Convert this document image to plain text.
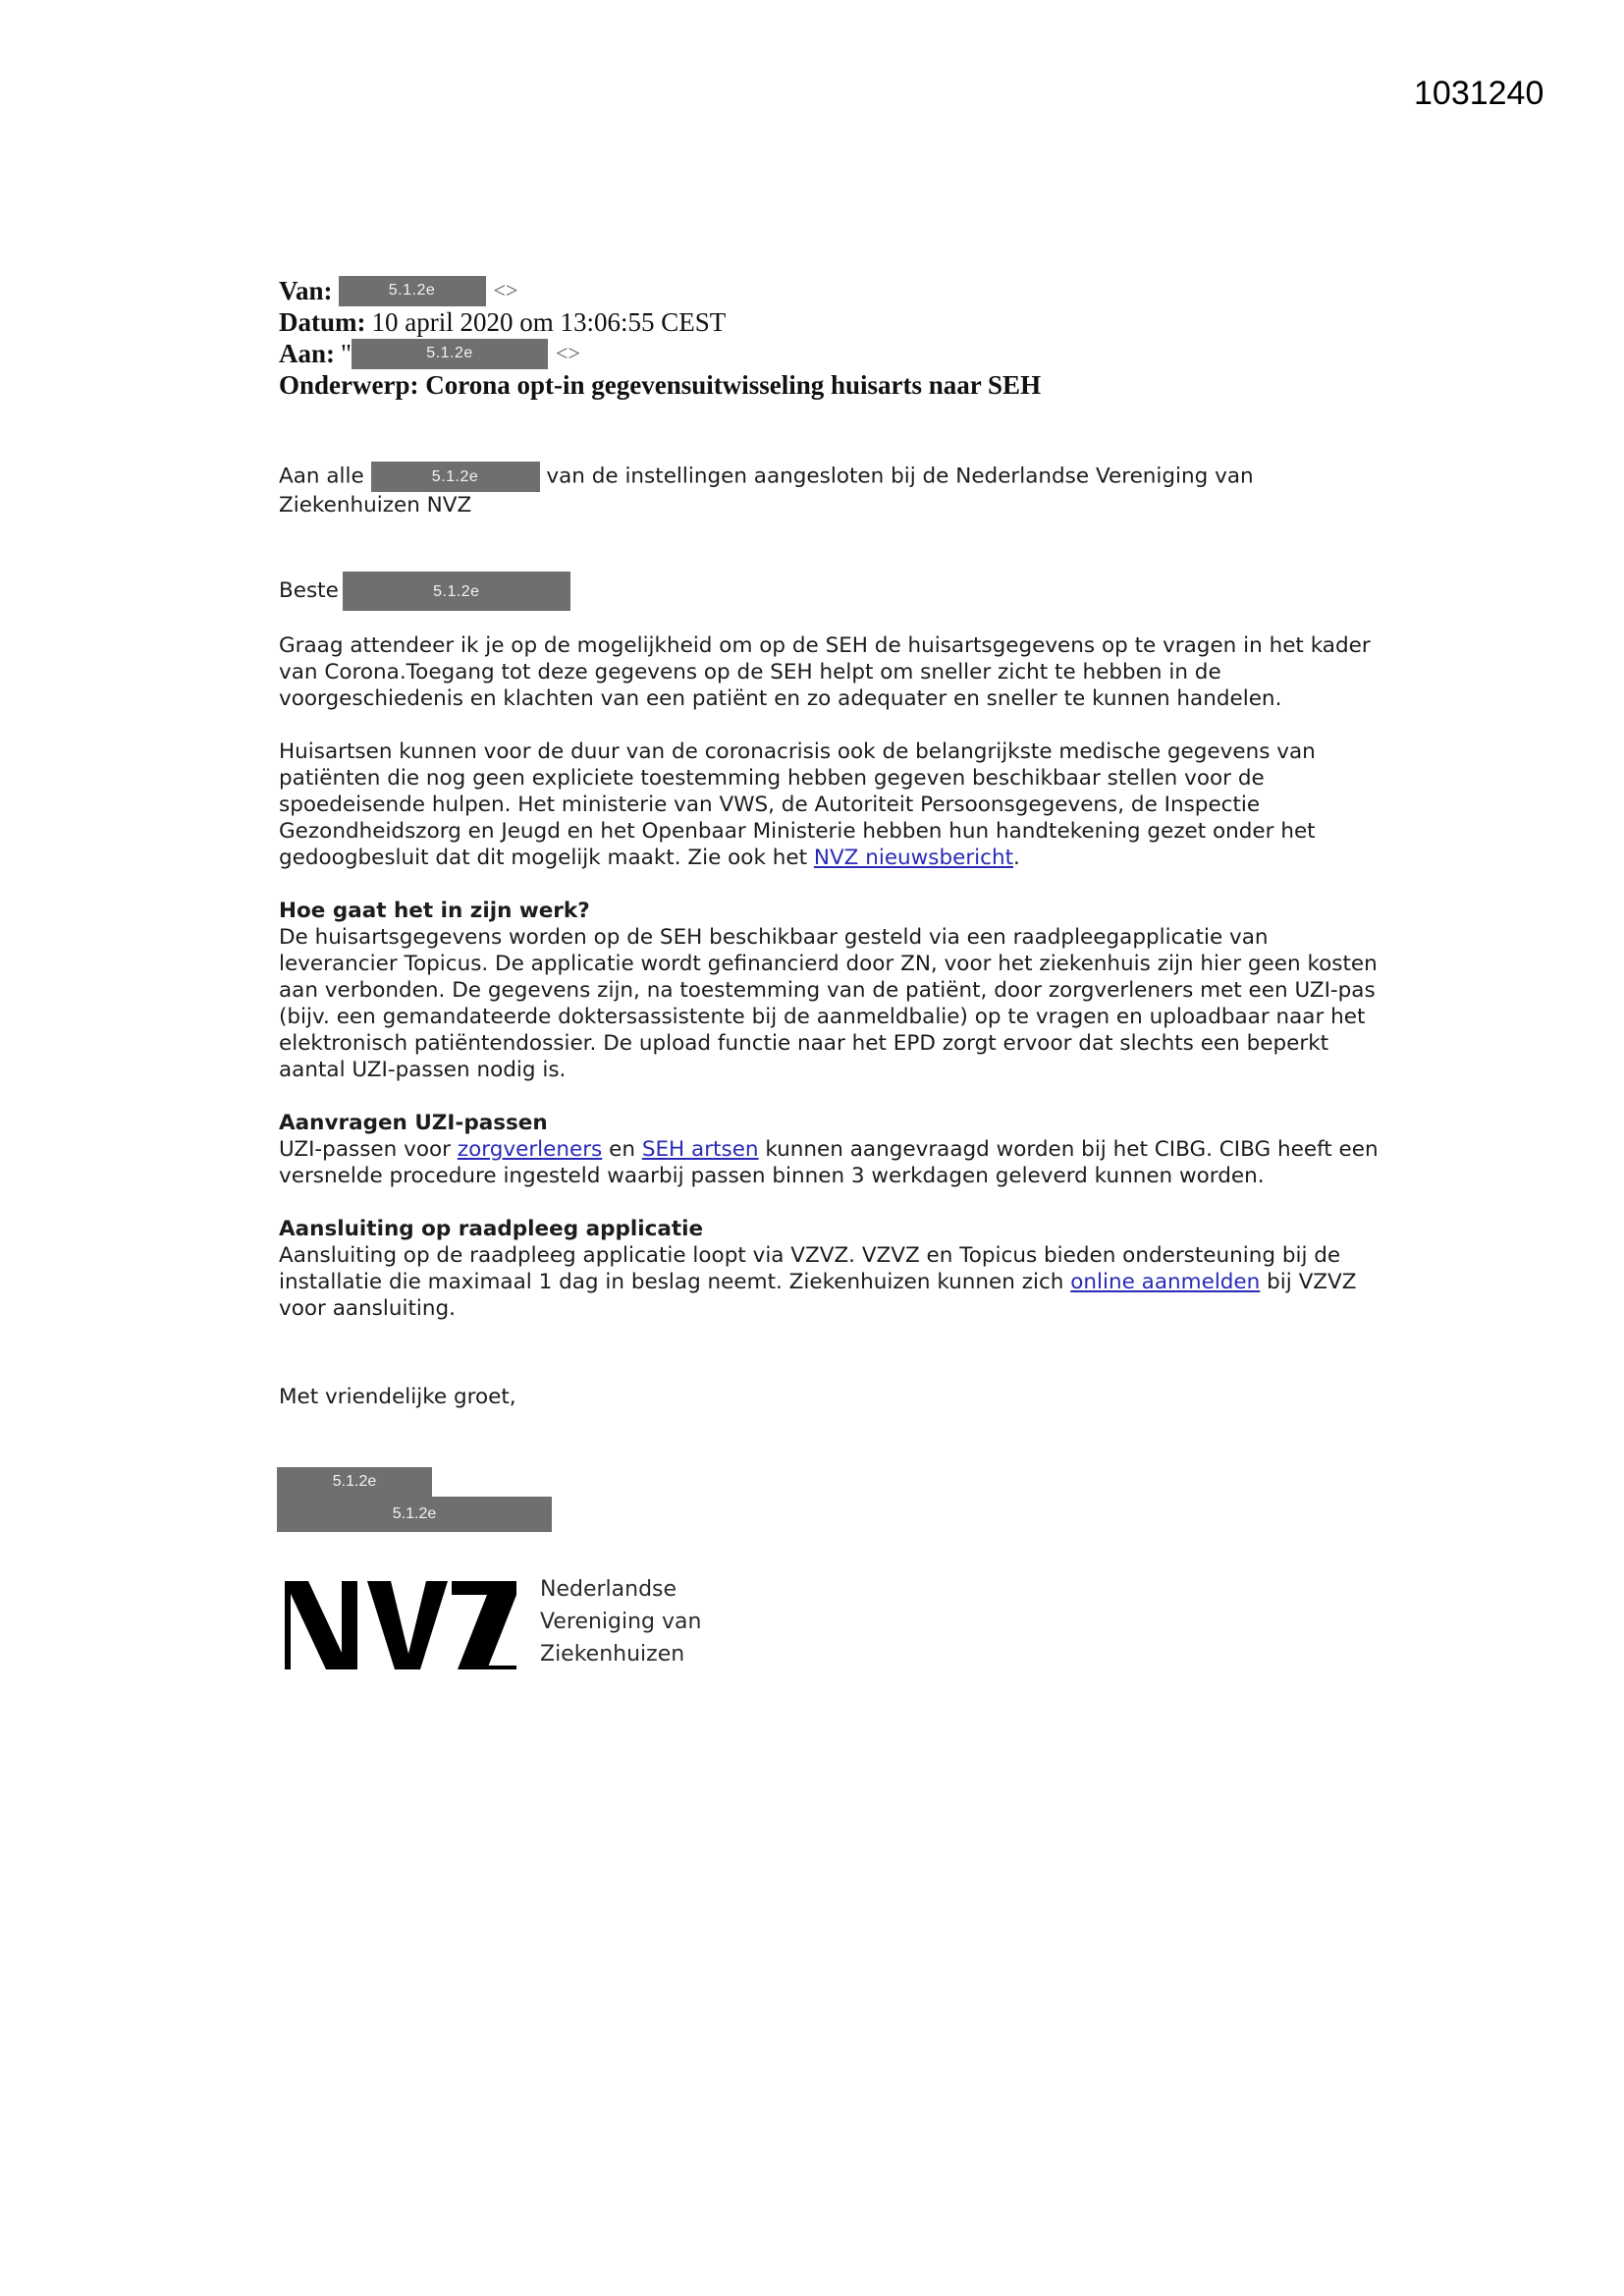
1031240
Van:	5.1.2e	<>
Datum: 10 april 2020 om 13:06:55 CEST
Aan: "	5.1.2e	<>
Onderwerp: Corona opt-in gegevensuitwisseling huisarts naar SEH

Aan alle	5.1.2e	van de instellingen aangesloten bij de Nederlandse Vereniging van

Ziekenhuizen NVZ

Beste	5.1.2e

Graag attendeer ik je op de mogelijkheid om op de SEH de huisartsgegevens op te vragen in het kader van Corona.Toegang tot deze gegevens op de SEH helpt om sneller zicht te hebben in de voorgeschiedenis en klachten van een patiënt en zo adequater en sneller te kunnen handelen.

Huisartsen kunnen voor de duur van de coronacrisis ook de belangrijkste medische gegevens van patiënten die nog geen expliciete toestemming hebben gegeven beschikbaar stellen voor de spoedeisende hulpen. Het ministerie van VWS, de Autoriteit Persoonsgegevens, de Inspectie Gezondheidszorg en Jeugd en het Openbaar Ministerie hebben hun handtekening gezet onder het gedoogbesluit dat dit mogelijk maakt. Zie ook het NVZ nieuwsbericht.

Hoe gaat het in zijn werk?

De huisartsgegevens worden op de SEH beschikbaar gesteld via een raadpleegapplicatie van leverancier Topicus. De applicatie wordt gefinancierd door ZN, voor het ziekenhuis zijn hier geen kosten aan verbonden. De gegevens zijn, na toestemming van de patiënt, door zorgverleners met een UZI-pas (bijv. een gemandateerde doktersassistente bij de aanmeldbalie) op te vragen en uploadbaar naar het elektronisch patiëntendossier. De upload functie naar het EPD zorgt ervoor dat slechts een beperkt aantal UZI-passen nodig is.

Aanvragen UZI-passen

UZI-passen voor zorgverleners en SEH artsen kunnen aangevraagd worden bij het CIBG. CIBG heeft een versnelde procedure ingesteld waarbij passen binnen 3 werkdagen geleverd kunnen worden.

Aansluiting op raadpleeg applicatie

Aansluiting op de raadpleeg applicatie loopt via VZVZ. VZVZ en Topicus bieden ondersteuning bij de installatie die maximaal 1 dag in beslag neemt. Ziekenhuizen kunnen zich online aanmelden bij VZVZ voor aansluiting.

Met vriendelijke groet,

5.1.2e
5.1.2e
Nederlandse
Vereniging van
Ziekenhuizen
